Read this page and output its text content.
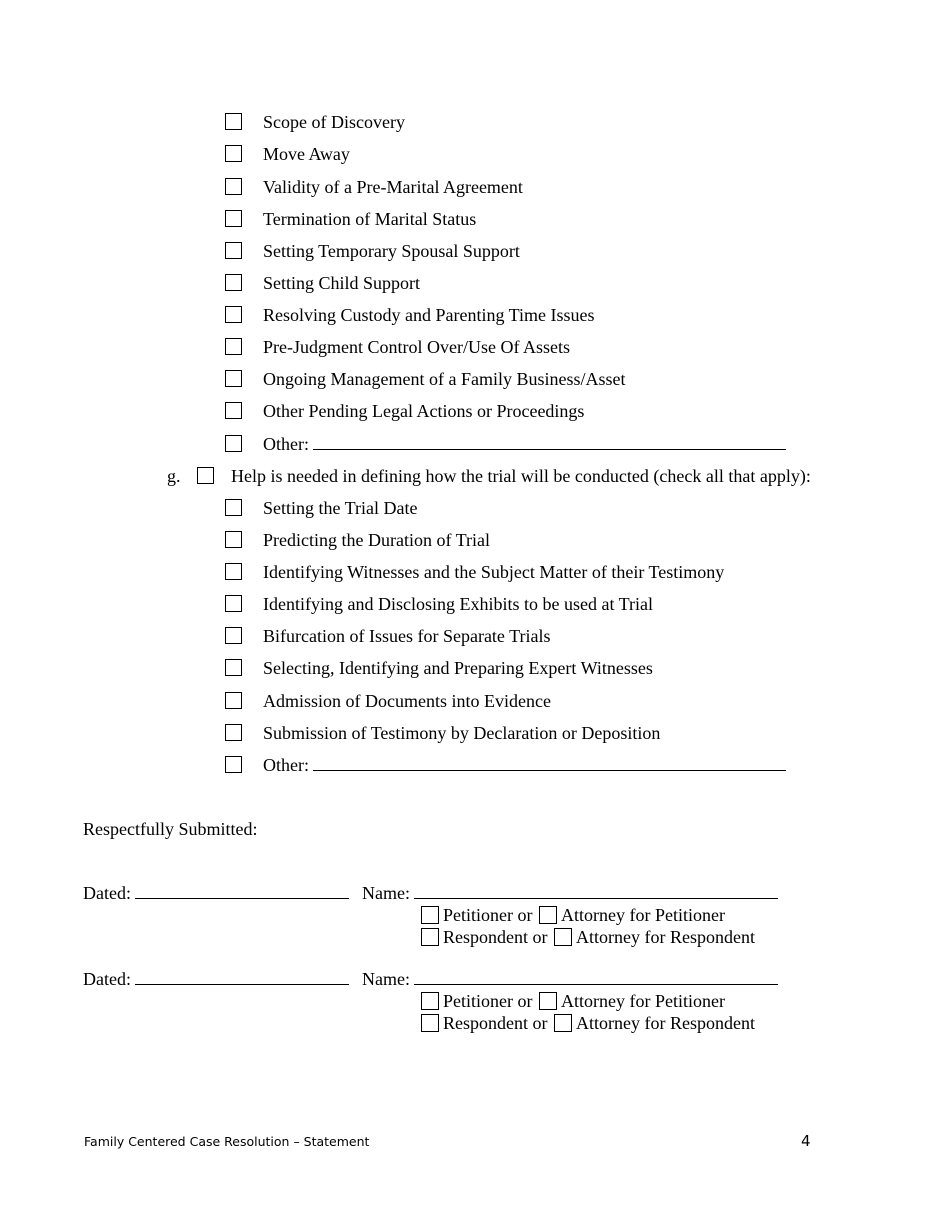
Scope of Discovery
Move Away
Validity of a Pre-Marital Agreement
Termination of Marital Status
Setting Temporary Spousal Support
Setting Child Support
Resolving Custody and Parenting Time Issues
Pre-Judgment Control Over/Use Of Assets
Ongoing Management of a Family Business/Asset
Other Pending Legal Actions or Proceedings
Other:
g.	Help is needed in defining how the trial will be conducted (check all that apply):
Setting the Trial Date
Predicting the Duration of Trial
Identifying Witnesses and the Subject Matter of their Testimony
Identifying and Disclosing Exhibits to be used at Trial
Bifurcation of Issues for Separate Trials
Selecting, Identifying and Preparing Expert Witnesses
Admission of Documents into Evidence
Submission of Testimony by Declaration or Deposition
Other:
Respectfully Submitted:
Dated:	Name:
Petitioner or Attorney for Petitioner
Respondent or Attorney for Respondent
Dated:	Name:
Petitioner or Attorney for Petitioner
Respondent or Attorney for Respondent
Family Centered Case Resolution – Statement	4
